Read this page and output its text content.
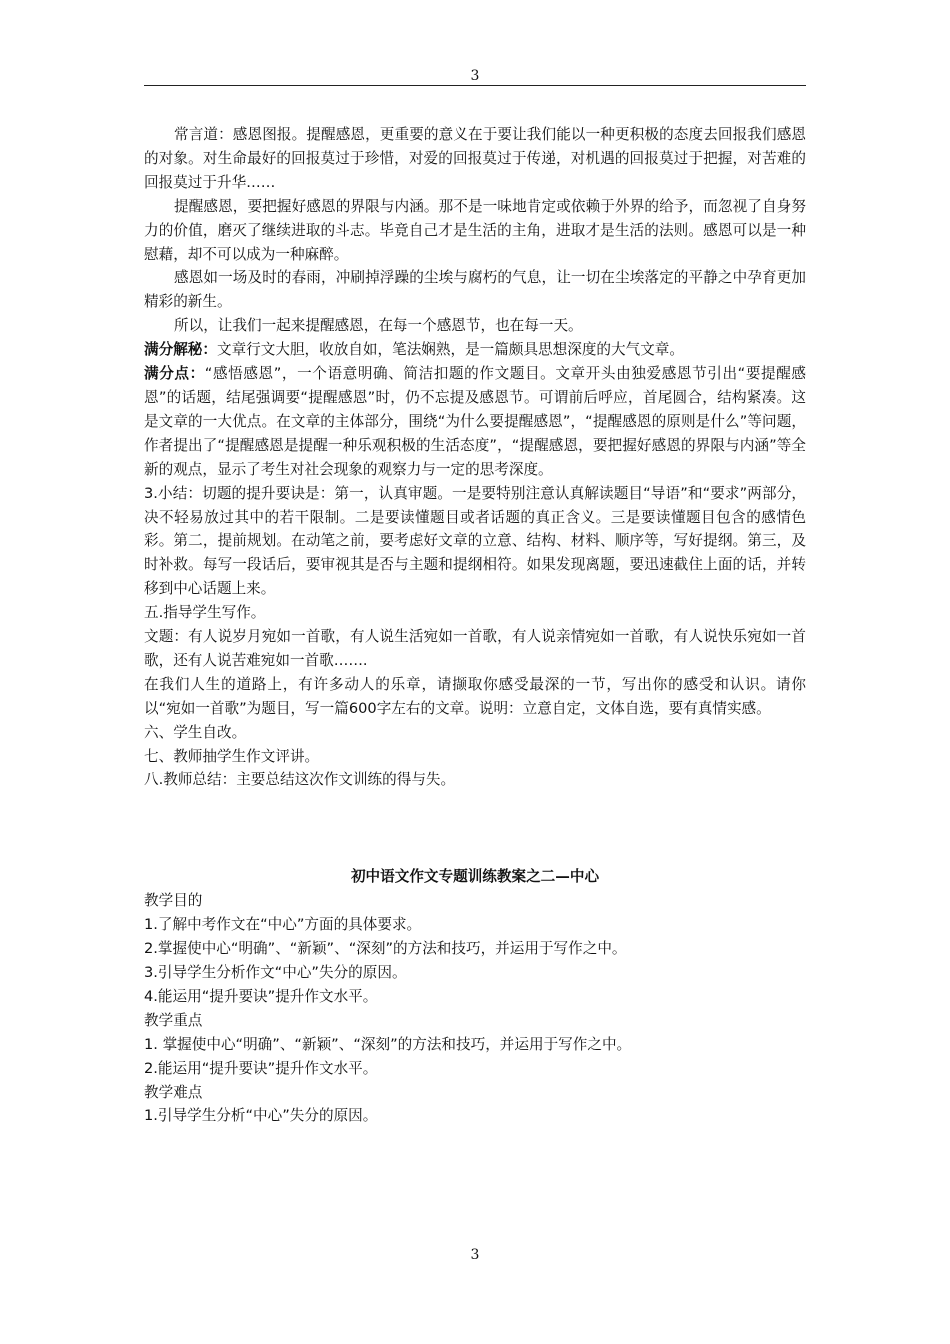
3

常言道：感恩图报。提醒感恩，更重要的意义在于要让我们能以一种更积极的态度去回报我们感恩的对象。对生命最好的回报莫过于珍惜，对爱的回报莫过于传递，对机遇的回报莫过于把握，对苦难的回报莫过于升华……

提醒感恩，要把握好感恩的界限与内涵。那不是一味地肯定或依赖于外界的给予，而忽视了自身努力的价值，磨灭了继续进取的斗志。毕竟自己才是生活的主角，进取才是生活的法则。感恩可以是一种慰藉，却不可以成为一种麻醉。

感恩如一场及时的春雨，冲刷掉浮躁的尘埃与腐朽的气息，让一切在尘埃落定的平静之中孕育更加精彩的新生。

所以，让我们一起来提醒感恩，在每一个感恩节，也在每一天。

满分解秘：文章行文大胆，收放自如，笔法娴熟，是一篇颇具思想深度的大气文章。

满分点：“感悟感恩”，一个语意明确、简洁扣题的作文题目。文章开头由独爱感恩节引出“要提醒感恩”的话题，结尾强调要“提醒感恩”时，仍不忘提及感恩节。可谓前后呼应，首尾圆合，结构紧凑。这是文章的一大优点。在文章的主体部分，围绕“为什么要提醒感恩”，“提醒感恩的原则是什么”等问题，作者提出了“提醒感恩是提醒一种乐观积极的生活态度”，“提醒感恩，要把握好感恩的界限与内涵”等全新的观点，显示了考生对社会现象的观察力与一定的思考深度。

3.小结：切题的提升要诀是：第一，认真审题。一是要特别注意认真解读题目“导语”和“要求”两部分，决不轻易放过其中的若干限制。二是要读懂题目或者话题的真正含义。三是要读懂题目包含的感情色彩。第二，提前规划。在动笔之前，要考虑好文章的立意、结构、材料、顺序等，写好提纲。第三，及时补救。每写一段话后，要审视其是否与主题和提纲相符。如果发现离题，要迅速截住上面的话，并转移到中心话题上来。

五.指导学生写作。

文题：有人说岁月宛如一首歌，有人说生活宛如一首歌，有人说亲情宛如一首歌，有人说快乐宛如一首歌，还有人说苦难宛如一首歌…….

在我们人生的道路上，有许多动人的乐章，请撷取你感受最深的一节，写出你的感受和认识。请你以“宛如一首歌”为题目，写一篇600字左右的文章。说明：立意自定，文体自选，要有真情实感。

六、学生自改。

七、教师抽学生作文评讲。

八.教师总结：主要总结这次作文训练的得与失。

初中语文作文专题训练教案之二—中心

教学目的

1.了解中考作文在“中心”方面的具体要求。

2.掌握使中心“明确”、“新颖”、“深刻”的方法和技巧，并运用于写作之中。

3.引导学生分析作文“中心”失分的原因。

4.能运用“提升要诀”提升作文水平。

教学重点

1. 掌握使中心“明确”、“新颖”、“深刻”的方法和技巧，并运用于写作之中。

2.能运用“提升要诀”提升作文水平。

教学难点

1.引导学生分析“中心”失分的原因。

3
